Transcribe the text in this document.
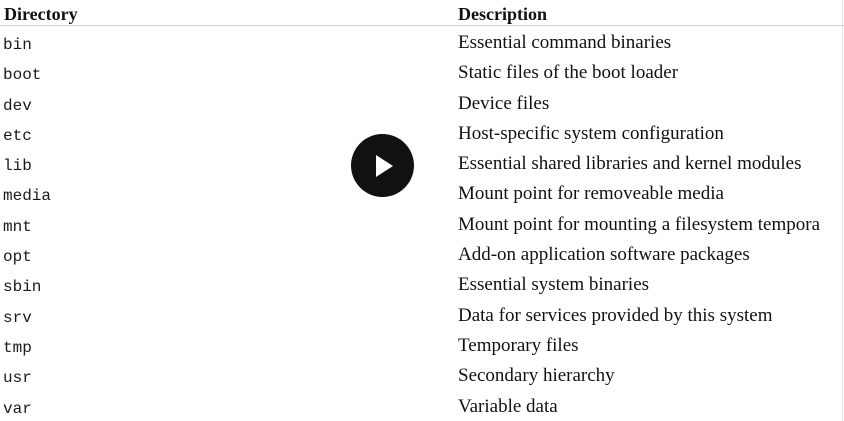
Directory	Description
bin	Essential command binaries
boot	Static files of the boot loader
dev	Device files
etc	Host-specific system configuration
lib	Essential shared libraries and kernel modules
media	Mount point for removeable media
mnt	Mount point for mounting a filesystem tempora
opt	Add-on application software packages
sbin	Essential system binaries
srv	Data for services provided by this system
tmp	Temporary files
usr	Secondary hierarchy
var	Variable data
